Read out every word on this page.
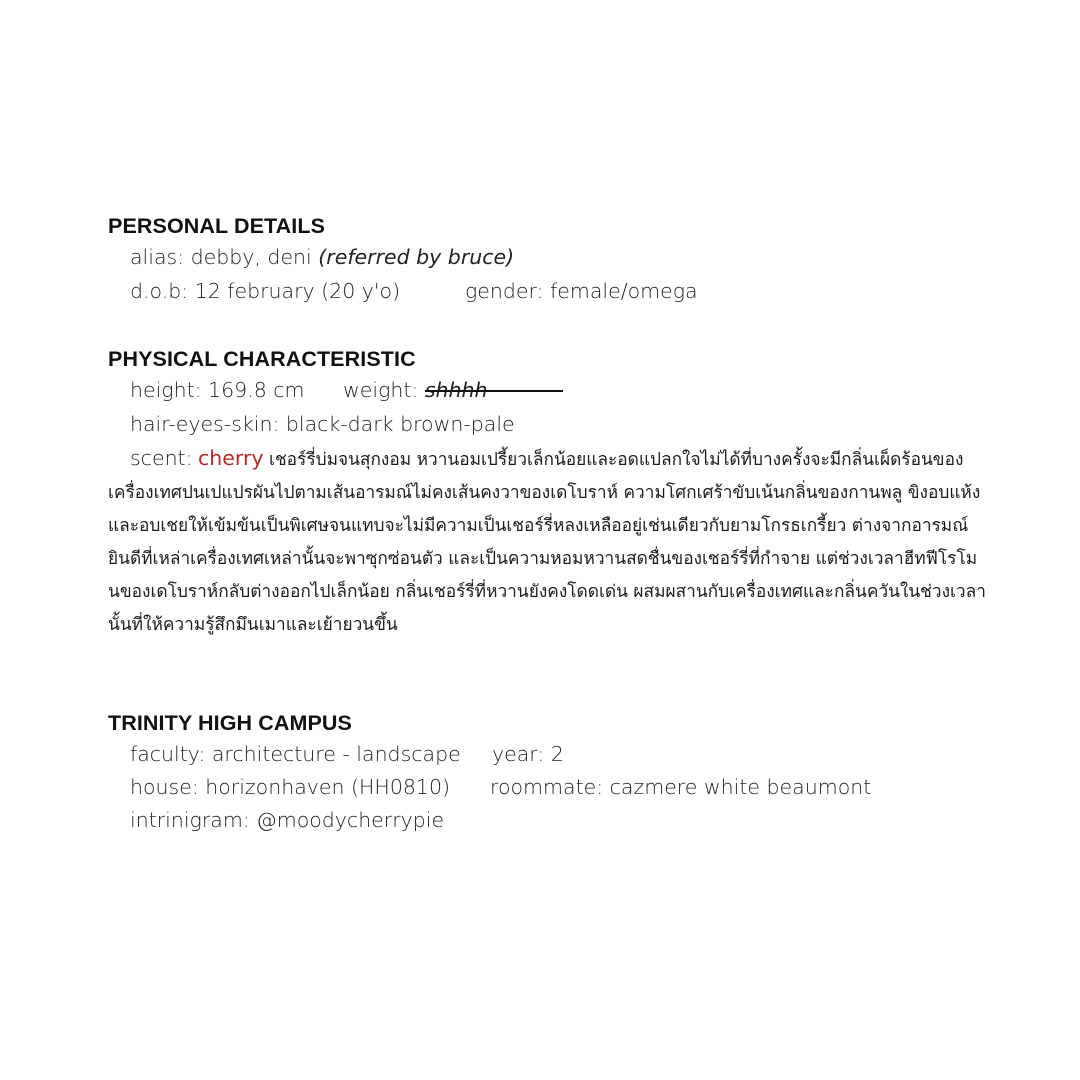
PERSONAL DETAILS
alias: debby, deni (referred by bruce)
d.o.b: 12 february (20 y'o)	gender: female/omega
PHYSICAL CHARACTERISTIC
height: 169.8 cm weight: shhhh
hair-eyes-skin: black-dark brown-pale

scent: cherry เชอร์รี่บ่มจนสุกงอม หวานอมเปรี้ยวเล็กน้อยและอดแปลกใจไม่ได้ที่บางครั้งจะมีกลิ่นเผ็ดร้อนของเครื่องเทศปนเปแปรผันไปตามเส้นอารมณ์ไม่คงเส้นคงวาของเดโบราห์ ความโศกเศร้าขับเน้นกลิ่นของกานพลู ขิงอบแห้งและอบเชยให้เข้มข้นเป็นพิเศษจนแทบจะไม่มีความเป็นเชอร์รี่หลงเหลืออยู่เช่นเดียวกับยามโกรธเกรี้ยว ต่างจากอารมณ์ยินดีที่เหล่าเครื่องเทศเหล่านั้นจะพาซุกซ่อนตัว และเป็นความหอมหวานสดชื่นของเชอร์รี่ที่กำจาย แต่ช่วงเวลาฮีทฟีโรโมนของเดโบราห์กลับต่างออกไปเล็กน้อย กลิ่นเชอร์รี่ที่หวานยังคงโดดเด่น ผสมผสานกับเครื่องเทศและกลิ่นควันในช่วงเวลานั้นที่ให้ความรู้สึกมึนเมาและเย้ายวนขึ้น

TRINITY HIGH CAMPUS
faculty: architecture - landscape year: 2
house: horizonhaven (HH0810) roommate: cazmere white beaumont
intrinigram: @moodycherrypie
